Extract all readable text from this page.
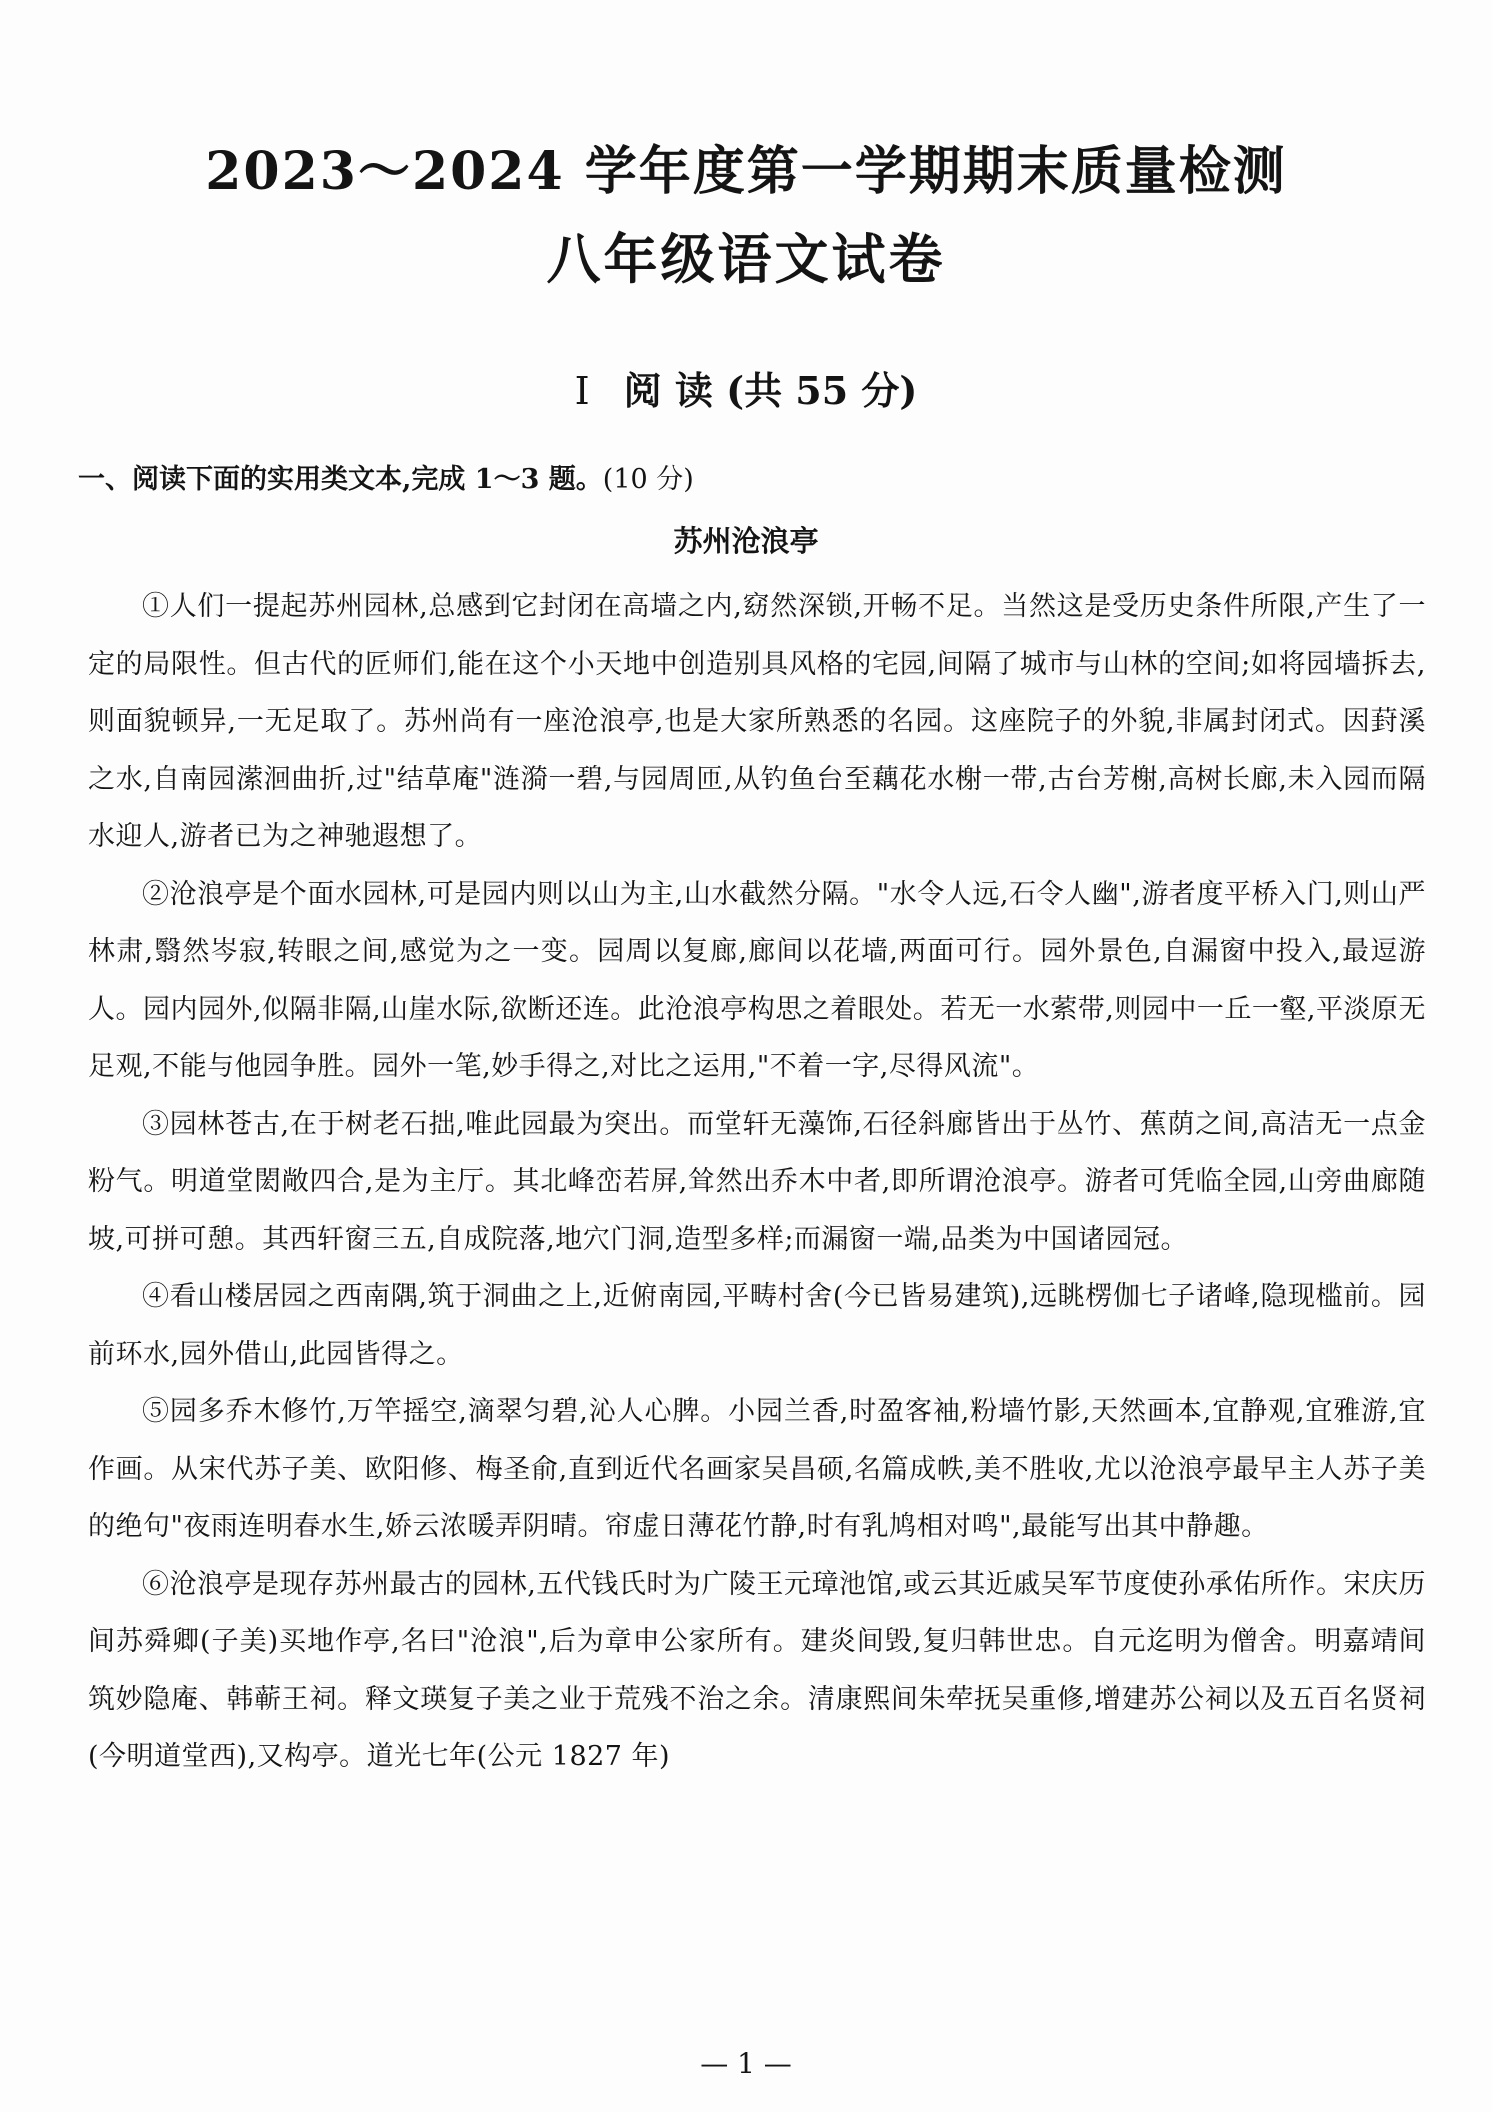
2023～2024 学年度第一学期期末质量检测
八年级语文试卷
I 阅 读 (共 55 分)
一、阅读下面的实用类文本,完成 1～3 题。(10 分)
苏州沧浪亭

①人们一提起苏州园林,总感到它封闭在高墙之内,窈然深锁,开畅不足。当然这是受历史条件所限,产生了一定的局限性。但古代的匠师们,能在这个小天地中创造别具风格的宅园,间隔了城市与山林的空间;如将园墙拆去,则面貌顿异,一无足取了。苏州尚有一座沧浪亭,也是大家所熟悉的名园。这座院子的外貌,非属封闭式。因葑溪之水,自南园潆洄曲折,过"结草庵"涟漪一碧,与园周匝,从钓鱼台至藕花水榭一带,古台芳榭,高树长廊,未入园而隔水迎人,游者已为之神驰遐想了。

②沧浪亭是个面水园林,可是园内则以山为主,山水截然分隔。"水令人远,石令人幽",游者度平桥入门,则山严林肃,翳然岑寂,转眼之间,感觉为之一变。园周以复廊,廊间以花墙,两面可行。园外景色,自漏窗中投入,最逗游人。园内园外,似隔非隔,山崖水际,欲断还连。此沧浪亭构思之着眼处。若无一水萦带,则园中一丘一壑,平淡原无足观,不能与他园争胜。园外一笔,妙手得之,对比之运用,"不着一字,尽得风流"。

③园林苍古,在于树老石拙,唯此园最为突出。而堂轩无藻饰,石径斜廊皆出于丛竹、蕉荫之间,高洁无一点金粉气。明道堂閎敞四合,是为主厅。其北峰峦若屏,耸然出乔木中者,即所谓沧浪亭。游者可凭临全园,山旁曲廊随坡,可拼可憩。其西轩窗三五,自成院落,地穴门洞,造型多样;而漏窗一端,品类为中国诸园冠。

④看山楼居园之西南隅,筑于洞曲之上,近俯南园,平畴村舍(今已皆易建筑),远眺楞伽七子诸峰,隐现槛前。园前环水,园外借山,此园皆得之。

⑤园多乔木修竹,万竿摇空,滴翠匀碧,沁人心脾。小园兰香,时盈客袖,粉墙竹影,天然画本,宜静观,宜雅游,宜作画。从宋代苏子美、欧阳修、梅圣俞,直到近代名画家吴昌硕,名篇成帙,美不胜收,尤以沧浪亭最早主人苏子美的绝句"夜雨连明春水生,娇云浓暖弄阴晴。帘虚日薄花竹静,时有乳鸠相对鸣",最能写出其中静趣。

⑥沧浪亭是现存苏州最古的园林,五代钱氏时为广陵王元璋池馆,或云其近戚吴军节度使孙承佑所作。宋庆历间苏舜卿(子美)买地作亭,名曰"沧浪",后为章申公家所有。建炎间毁,复归韩世忠。自元迄明为僧舍。明嘉靖间筑妙隐庵、韩蕲王祠。释文瑛复子美之业于荒残不治之余。清康熙间朱荦抚吴重修,增建苏公祠以及五百名贤祠(今明道堂西),又构亭。道光七年(公元 1827 年)

— 1 —
